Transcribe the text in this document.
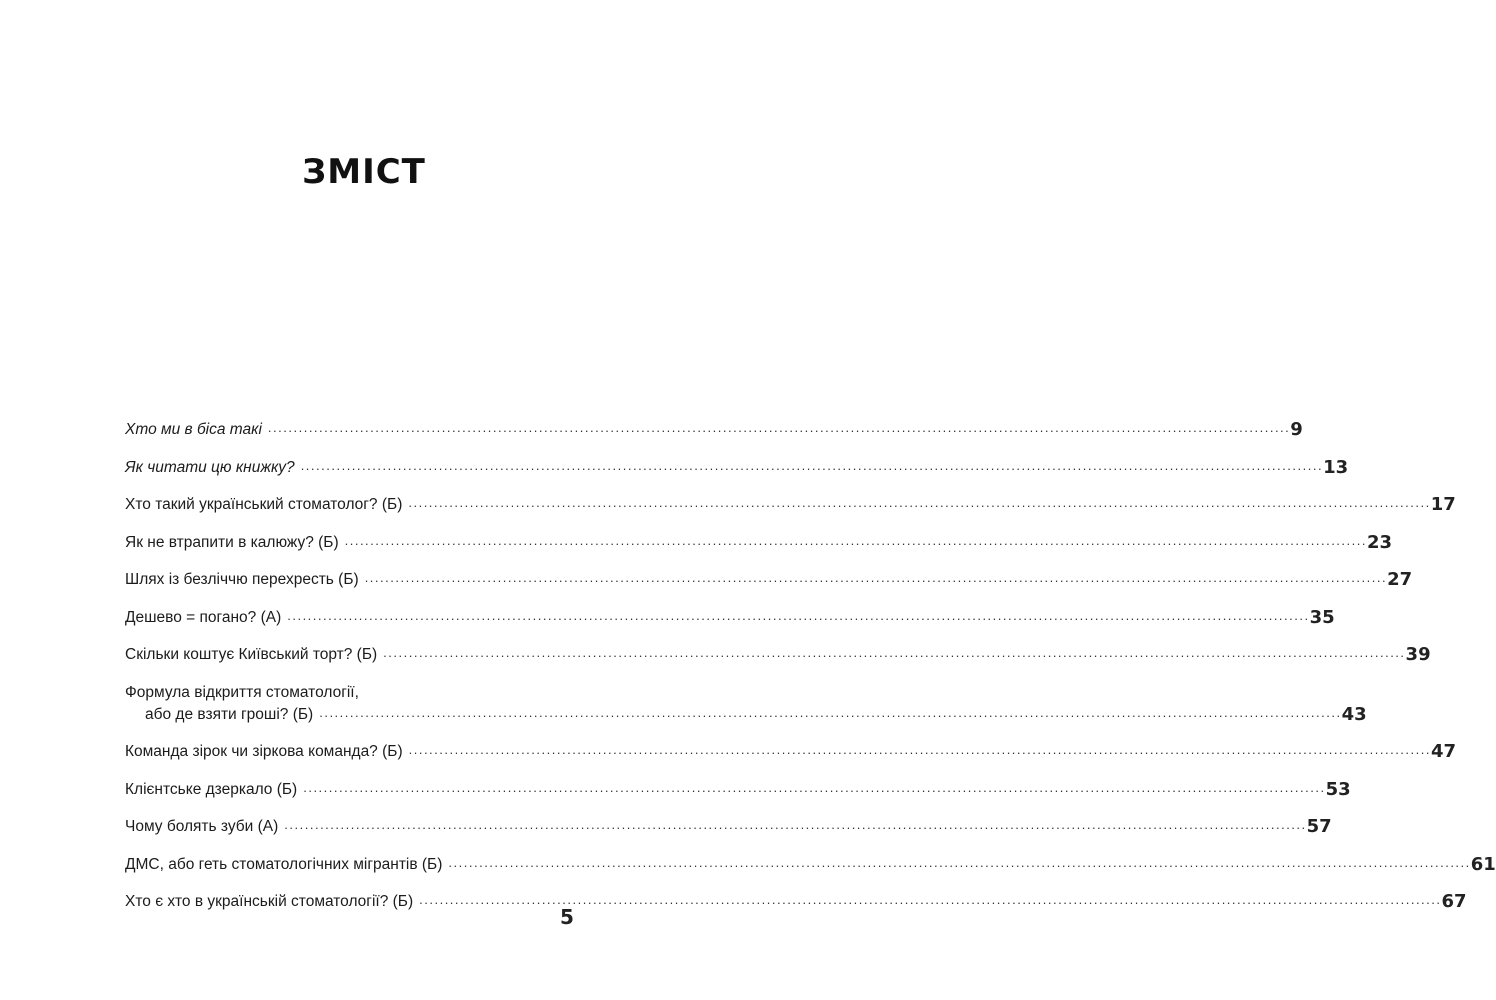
ЗМІСТ
Хто ми в біса такі ........................................................................................................................................................................................................ 9
Як читати цю книжку? ........................................................................................................................................................................................................ 13
Хто такий український стоматолог? (Б) ........................................................................................................................................................................................................ 17
Як не втрапити в калюжу? (Б) ........................................................................................................................................................................................................ 23
Шлях із безліччю перехресть (Б) ........................................................................................................................................................................................................ 27
Дешево = погано? (А) ........................................................................................................................................................................................................ 35
Скільки коштує Київський торт? (Б) ........................................................................................................................................................................................................ 39
Формула відкриття стоматології,
або де взяти гроші? (Б) ........................................................................................................................................................................................................ 43
Команда зірок чи зіркова команда? (Б) ........................................................................................................................................................................................................ 47
Клієнтське дзеркало (Б) ........................................................................................................................................................................................................ 53
Чому болять зуби (А) ........................................................................................................................................................................................................ 57
ДМС, або геть стоматологічних мігрантів (Б) ........................................................................................................................................................................................................ 61
Хто є хто в українській стоматології? (Б) ........................................................................................................................................................................................................ 67
5
